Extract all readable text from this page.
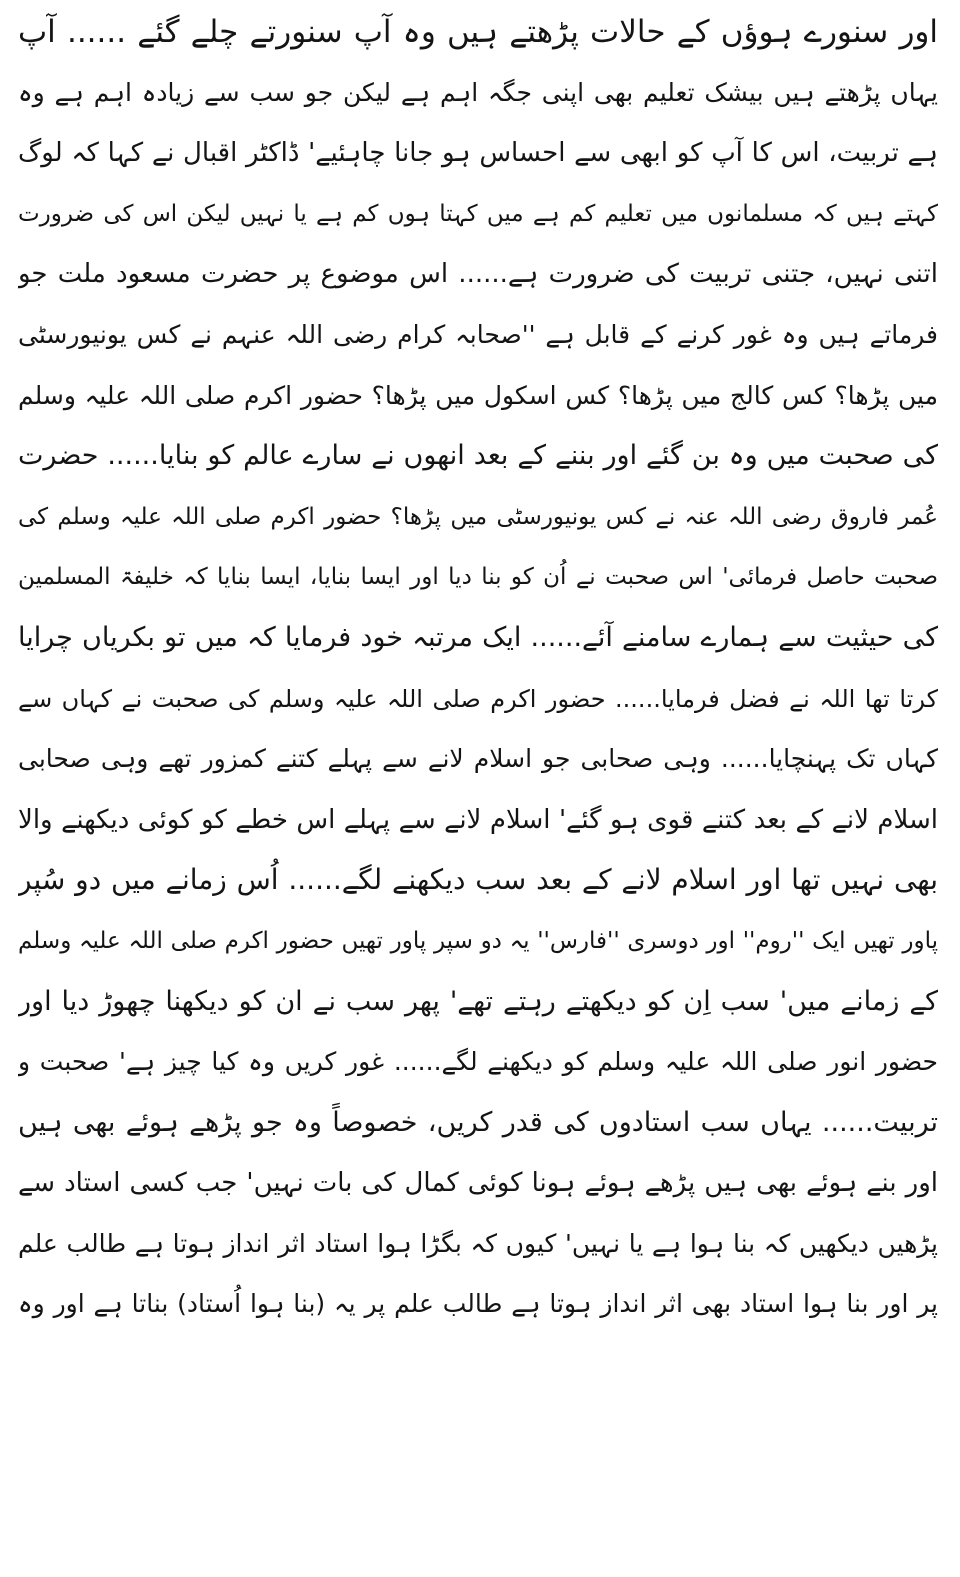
اور سنورے ہوؤں کے حالات پڑھتے ہیں وہ آپ سنورتے چلے گئے ...... آپ
یہاں پڑھتے ہیں بیشک تعلیم بھی اپنی جگہ اہم ہے لیکن جو سب سے زیادہ اہم ہے وہ
ہے تربیت، اس کا آپ کو ابھی سے احساس ہو جانا چاہئیے' ڈاکٹر اقبال نے کہا کہ لوگ
کہتے ہیں کہ مسلمانوں میں تعلیم کم ہے میں کہتا ہوں کم ہے یا نہیں لیکن اس کی ضرورت
اتنی نہیں، جتنی تربیت کی ضرورت ہے...... اس موضوع پر حضرت مسعود ملت جو
فرماتے ہیں وہ غور کرنے کے قابل ہے ''صحابہ کرام رضی اللہ عنہم نے کس یونیورسٹی
میں پڑھا؟ کس کالج میں پڑھا؟ کس اسکول میں پڑھا؟ حضور اکرم صلی اللہ علیہ وسلم
کی صحبت میں وہ بن گئے اور بننے کے بعد انھوں نے سارے عالم کو بنایا...... حضرت
عُمر فاروق رضی اللہ عنہ نے کس یونیورسٹی میں پڑھا؟ حضور اکرم صلی اللہ علیہ وسلم کی
صحبت حاصل فرمائی' اس صحبت نے اُن کو بنا دیا اور ایسا بنایا، ایسا بنایا کہ خلیفۃ المسلمین
کی حیثیت سے ہمارے سامنے آئے...... ایک مرتبہ خود فرمایا کہ میں تو بکریاں چرایا
کرتا تھا اللہ نے فضل فرمایا...... حضور اکرم صلی اللہ علیہ وسلم کی صحبت نے کہاں سے
کہاں تک پہنچایا...... وہی صحابی جو اسلام لانے سے پہلے کتنے کمزور تھے وہی صحابی
اسلام لانے کے بعد کتنے قوی ہو گئے' اسلام لانے سے پہلے اس خطے کو کوئی دیکھنے والا
بھی نہیں تھا اور اسلام لانے کے بعد سب دیکھنے لگے...... اُس زمانے میں دو سُپر
پاور تھیں ایک ''روم'' اور دوسری ''فارس'' یہ دو سپر پاور تھیں حضور اکرم صلی اللہ علیہ وسلم
کے زمانے میں' سب اِن کو دیکھتے رہتے تھے' پھر سب نے ان کو دیکھنا چھوڑ دیا اور
حضور انور صلی اللہ علیہ وسلم کو دیکھنے لگے...... غور کریں وہ کیا چیز ہے' صحبت و
تربیت...... یہاں سب استادوں کی قدر کریں، خصوصاً وہ جو پڑھے ہوئے بھی ہیں
اور بنے ہوئے بھی ہیں پڑھے ہوئے ہونا کوئی کمال کی بات نہیں' جب کسی استاد سے
پڑھیں دیکھیں کہ بنا ہوا ہے یا نہیں' کیوں کہ بگڑا ہوا استاد اثر انداز ہوتا ہے طالب علم
پر اور بنا ہوا استاد بھی اثر انداز ہوتا ہے طالب علم پر یہ (بنا ہوا اُستاد) بناتا ہے اور وہ
